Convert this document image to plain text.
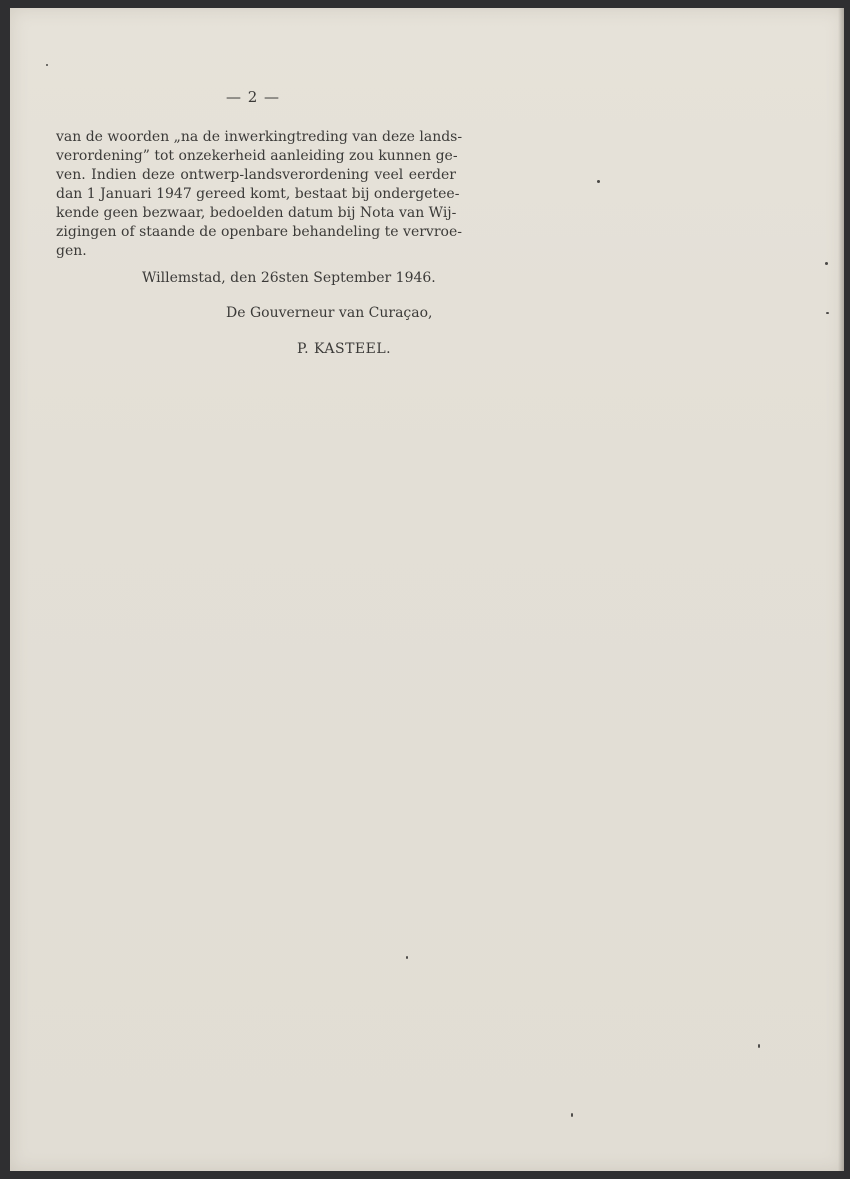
— 2 —
van de woorden „na de inwerkingtreding van deze lands-
verordening” tot onzekerheid aanleiding zou kunnen ge-
ven. Indien deze ontwerp-landsverordening veel eerder
dan 1 Januari 1947 gereed komt, bestaat bij ondergetee-
kende geen bezwaar, bedoelden datum bij Nota van Wij-
zigingen of staande de openbare behandeling te vervroe-
gen.
Willemstad, den 26sten September 1946.
De Gouverneur van Curaçao,
P. KASTEEL.
